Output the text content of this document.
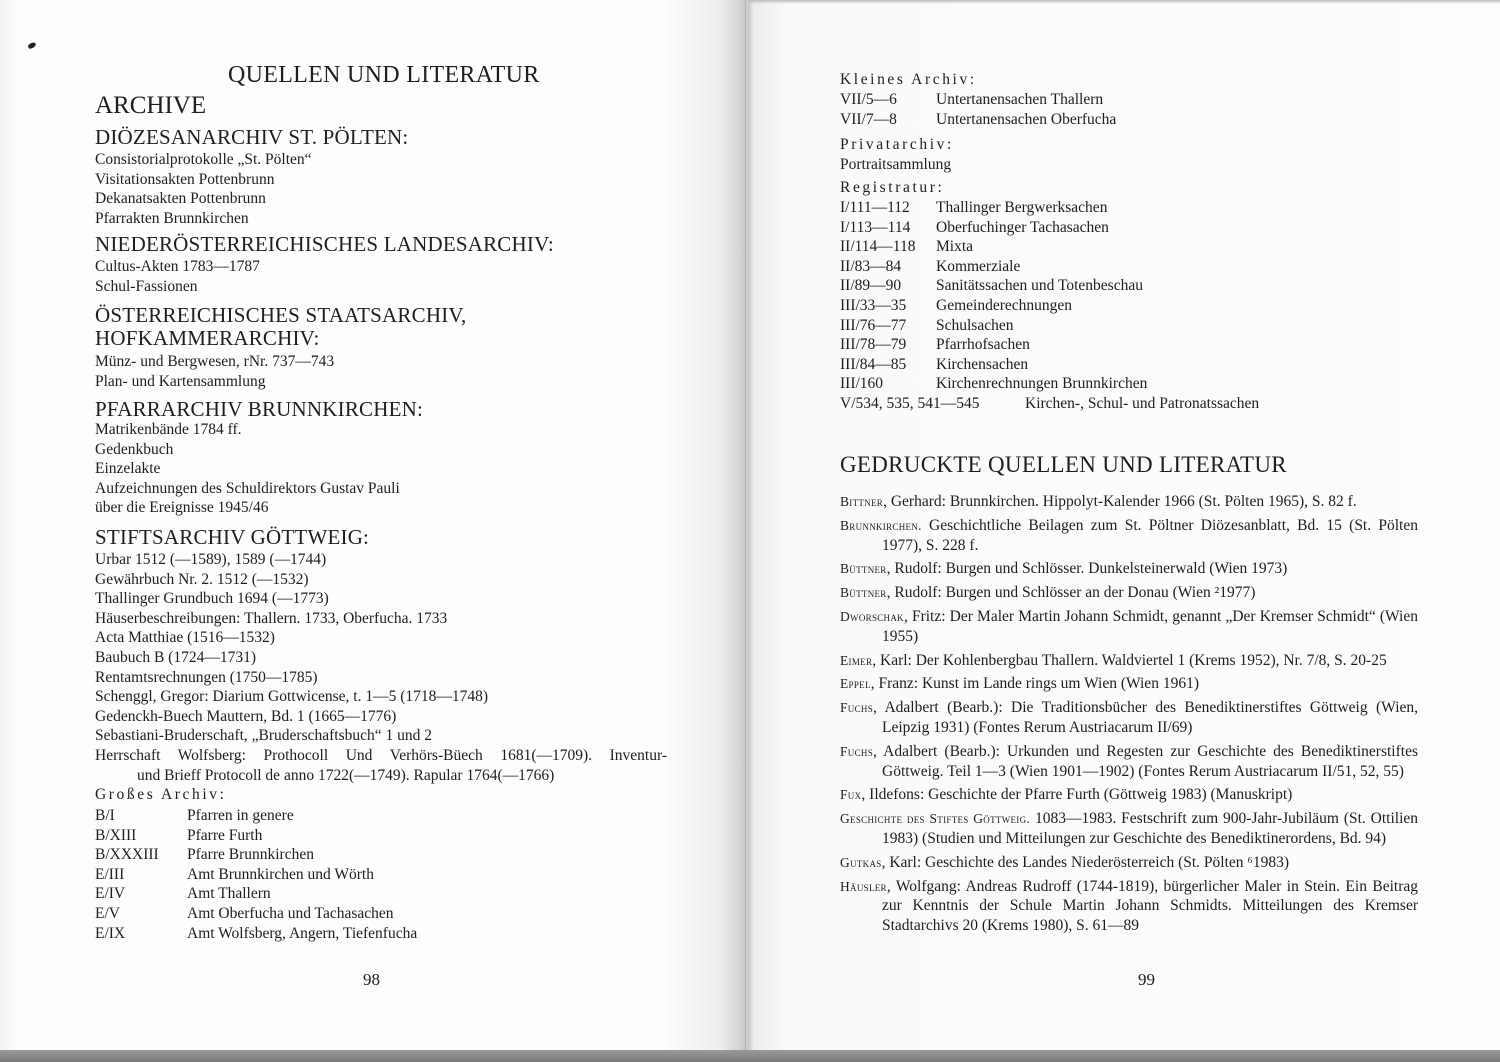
QUELLEN UND LITERATUR
ARCHIVE
DIÖZESANARCHIV ST. PÖLTEN:
Consistorialprotokolle „St. Pölten“
Visitationsakten Pottenbrunn
Dekanatsakten Pottenbrunn
Pfarrakten Brunnkirchen
NIEDERÖSTERREICHISCHES LANDESARCHIV:
Cultus-Akten 1783—1787
Schul-Fassionen
ÖSTERREICHISCHES STAATSARCHIV,
HOFKAMMERARCHIV:
Münz- und Bergwesen, rNr. 737—743
Plan- und Kartensammlung
PFARRARCHIV BRUNNKIRCHEN:
Matrikenbände 1784 ff.
Gedenkbuch
Einzelakte
Aufzeichnungen des Schuldirektors Gustav Pauli
über die Ereignisse 1945/46
STIFTSARCHIV GÖTTWEIG:
Urbar 1512 (—1589), 1589 (—1744)
Gewährbuch Nr. 2. 1512 (—1532)
Thallinger Grundbuch 1694 (—1773)
Häuserbeschreibungen: Thallern. 1733, Oberfucha. 1733
Acta Matthiae (1516—1532)
Baubuch B (1724—1731)
Rentamtsrechnungen (1750—1785)
Schenggl, Gregor: Diarium Gottwicense, t. 1—5 (1718—1748)
Gedenckh-Buech Mauttern, Bd. 1 (1665—1776)
Sebastiani-Bruderschaft, „Bruderschaftsbuch“ 1 und 2
Herrschaft Wolfsberg: Prothocoll Und Verhörs-Büech 1681(—1709). Inventur-
und Brieff Protocoll de anno 1722(—1749). Rapular 1764(—1766)
Großes Archiv:
B/I	Pfarren in genere
B/XIII	Pfarre Furth
B/XXXIII	Pfarre Brunnkirchen
E/III	Amt Brunnkirchen und Wörth
E/IV	Amt Thallern
E/V	Amt Oberfucha und Tachasachen
E/IX	Amt Wolfsberg, Angern, Tiefenfucha
98
Kleines Archiv:
VII/5—6	Untertanensachen Thallern
VII/7—8	Untertanensachen Oberfucha
Privatarchiv:
Portraitsammlung
Registratur:
I/111—112	Thallinger Bergwerksachen
I/113—114	Oberfuchinger Tachasachen
II/114—118	Mixta
II/83—84	Kommerziale
II/89—90	Sanitätssachen und Totenbeschau
III/33—35	Gemeinderechnungen
III/76—77	Schulsachen
III/78—79	Pfarrhofsachen
III/84—85	Kirchensachen
III/160	Kirchenrechnungen Brunnkirchen
V/534, 535, 541—545	Kirchen-, Schul- und Patronatssachen
GEDRUCKTE QUELLEN UND LITERATUR
Bittner, Gerhard: Brunnkirchen. Hippolyt-Kalender 1966 (St. Pölten 1965), S. 82 f.
Brunnkirchen. Geschichtliche Beilagen zum St. Pöltner Diözesanblatt, Bd. 15 (St. Pölten 1977), S. 228 f.
Büttner, Rudolf: Burgen und Schlösser. Dunkelsteinerwald (Wien 1973)
Büttner, Rudolf: Burgen und Schlösser an der Donau (Wien ²1977)
Dworschak, Fritz: Der Maler Martin Johann Schmidt, genannt „Der Kremser Schmidt“ (Wien 1955)
Eimer, Karl: Der Kohlenbergbau Thallern. Waldviertel 1 (Krems 1952), Nr. 7/8, S. 20-25
Eppel, Franz: Kunst im Lande rings um Wien (Wien 1961)
Fuchs, Adalbert (Bearb.): Die Traditionsbücher des Benediktinerstiftes Göttweig (Wien, Leipzig 1931) (Fontes Rerum Austriacarum II/69)
Fuchs, Adalbert (Bearb.): Urkunden und Regesten zur Geschichte des Benediktinerstiftes Göttweig. Teil 1—3 (Wien 1901—1902) (Fontes Rerum Austriacarum II/51, 52, 55)
Fux, Ildefons: Geschichte der Pfarre Furth (Göttweig 1983) (Manuskript)
Geschichte des Stiftes Göttweig. 1083—1983. Festschrift zum 900-Jahr-Jubiläum (St. Ottilien 1983) (Studien und Mitteilungen zur Geschichte des Benediktinerordens, Bd. 94)
Gutkas, Karl: Geschichte des Landes Niederösterreich (St. Pölten ⁶1983)
Häusler, Wolfgang: Andreas Rudroff (1744-1819), bürgerlicher Maler in Stein. Ein Beitrag zur Kenntnis der Schule Martin Johann Schmidts. Mitteilungen des Kremser Stadtarchivs 20 (Krems 1980), S. 61—89
99
